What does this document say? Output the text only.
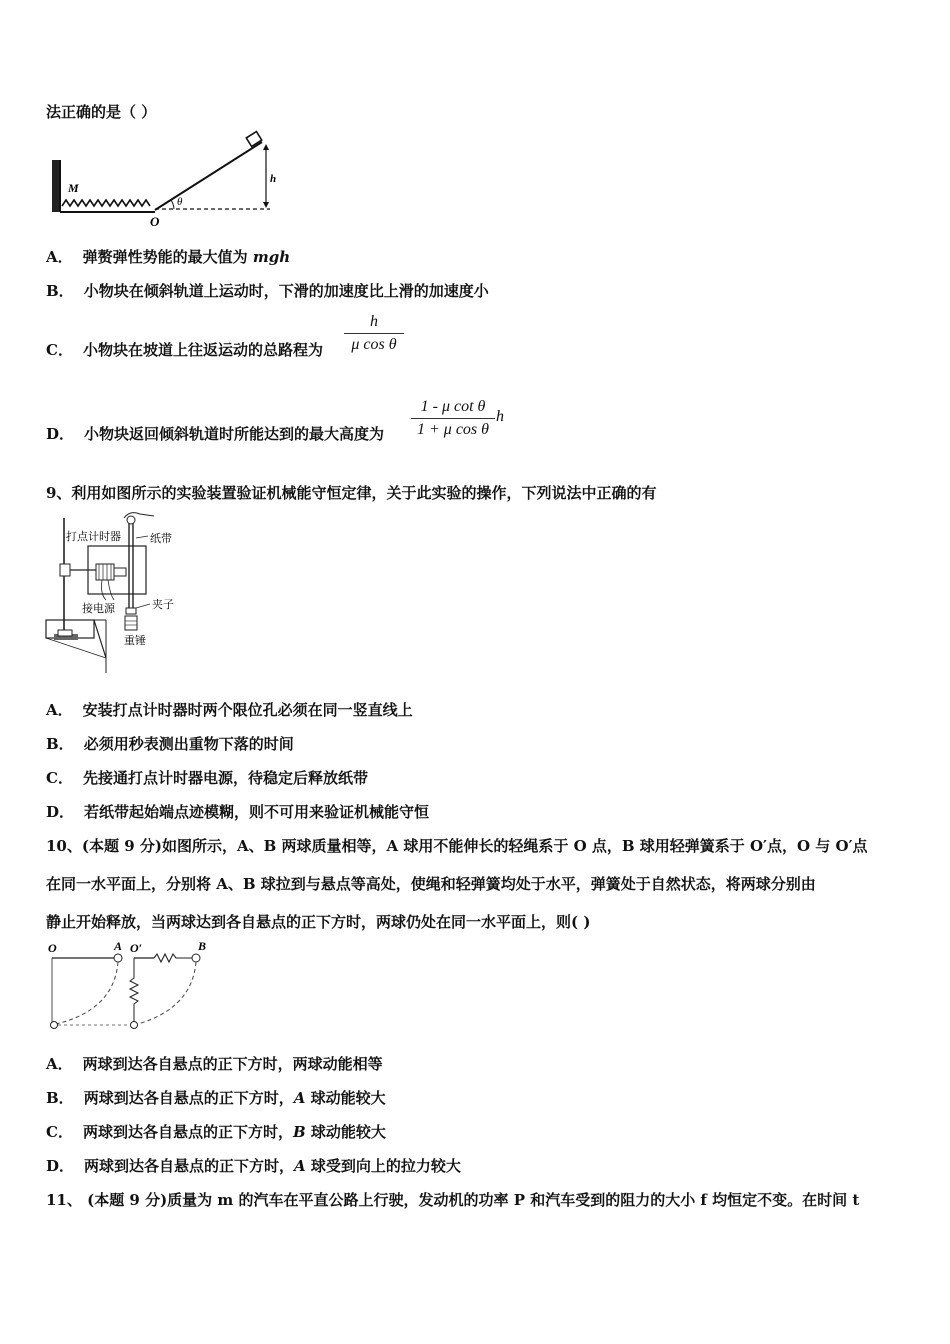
法正确的是（ ）
M
O
θ
h
A． 弹赘弹性势能的最大值为 mgh
B． 小物块在倾斜轨道上运动时，下滑的加速度比上滑的加速度小
C． 小物块在坡道上往返运动的总路程为
h
μ cos θ
D． 小物块返回倾斜轨道时所能达到的最大高度为
1 - μ cot θ
1 + μ cos θ
h
9、利用如图所示的实验装置验证机械能守恒定律，关于此实验的操作，下列说法中正确的有
打点计时器	纸带
夹子
接电源
重锤
A． 安装打点计时器时两个限位孔必须在同一竖直线上
B． 必须用秒表测出重物下落的时间
C． 先接通打点计时器电源，待稳定后释放纸带
D． 若纸带起始端点迹模糊，则不可用来验证机械能守恒
10、(本题 9 分)如图所示，A、B 两球质量相等，A 球用不能伸长的轻绳系于 O 点，B 球用轻弹簧系于 O′点，O 与 O′点
在同一水平面上，分别将 A、B 球拉到与悬点等高处，使绳和轻弹簧均处于水平，弹簧处于自然状态，将两球分别由
静止开始释放，当两球达到各自悬点的正下方时，两球仍处在同一水平面上，则( )
O	A O′	B
A． 两球到达各自悬点的正下方时，两球动能相等
B． 两球到达各自悬点的正下方时，A 球动能较大
C． 两球到达各自悬点的正下方时，B 球动能较大
D． 两球到达各自悬点的正下方时，A 球受到向上的拉力较大
11、 (本题 9 分)质量为 m 的汽车在平直公路上行驶，发动机的功率 P 和汽车受到的阻力的大小 f 均恒定不变。在时间 t
